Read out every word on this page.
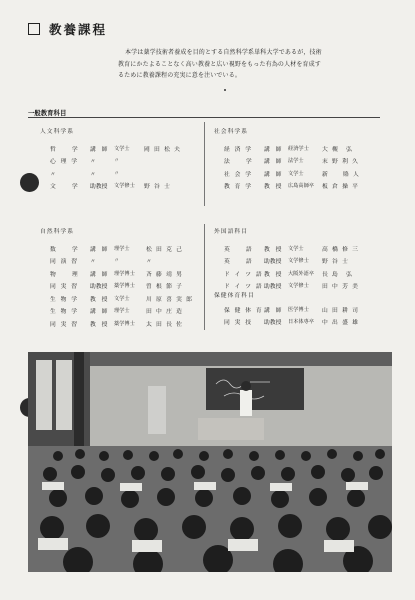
教養課程

本学は薬学技術者養成を目的とする自然科学系単科大学であるが，技術

教育にかたよることなく高い教養と広い視野をもった有為の人材を育成す

るために教養課程の充実に意を注いでいる。

一般教育科目
人文科学系
哲　　学	講　師	文学士	岡 田 松 夫
心 理 学	〃	〃	
〃	〃	〃	
文　　学	助教授	文学修士	野 谷 士
社会科学系
経 済 学	講　師	経済学士	大 槻　弘
法　　学	講　師	法学士	末 野 利 久
社 会 学	講　師	文学士	新　　賂 人
教 育 学	教　授	広島高師卒	板 倉 操 平
自然科学系
数　　学	講　師	理学士	松 田 克 己
同 演 習	〃	〃	〃
物　　理	講　師	理学博士	斉 藤 靖 男
同 実 習	助教授	薬学博士	曽 根 節 子
生 物 学	教　授	文学士	川 原 喜 実 郎
生 物 学	講　師	理学士	田 中 庄 造
同 実 習	教　授	薬学博士	太 田 長 佐
外国語科目
英　　語	教　授	文学士	高 橋 修 三
英　　語	助教授	文学修士	野 谷 士
ド イ ツ 語	教　授	大阪外語卒	長 島　弘
ド イ ツ 語	助教授	文学修士	田 中 芳 美
保健体育科目
保 健 体 育	講　師	医学博士	山 田 耕 司
同 実 技	助教授	日本体専卒	中 出 盛 雄
